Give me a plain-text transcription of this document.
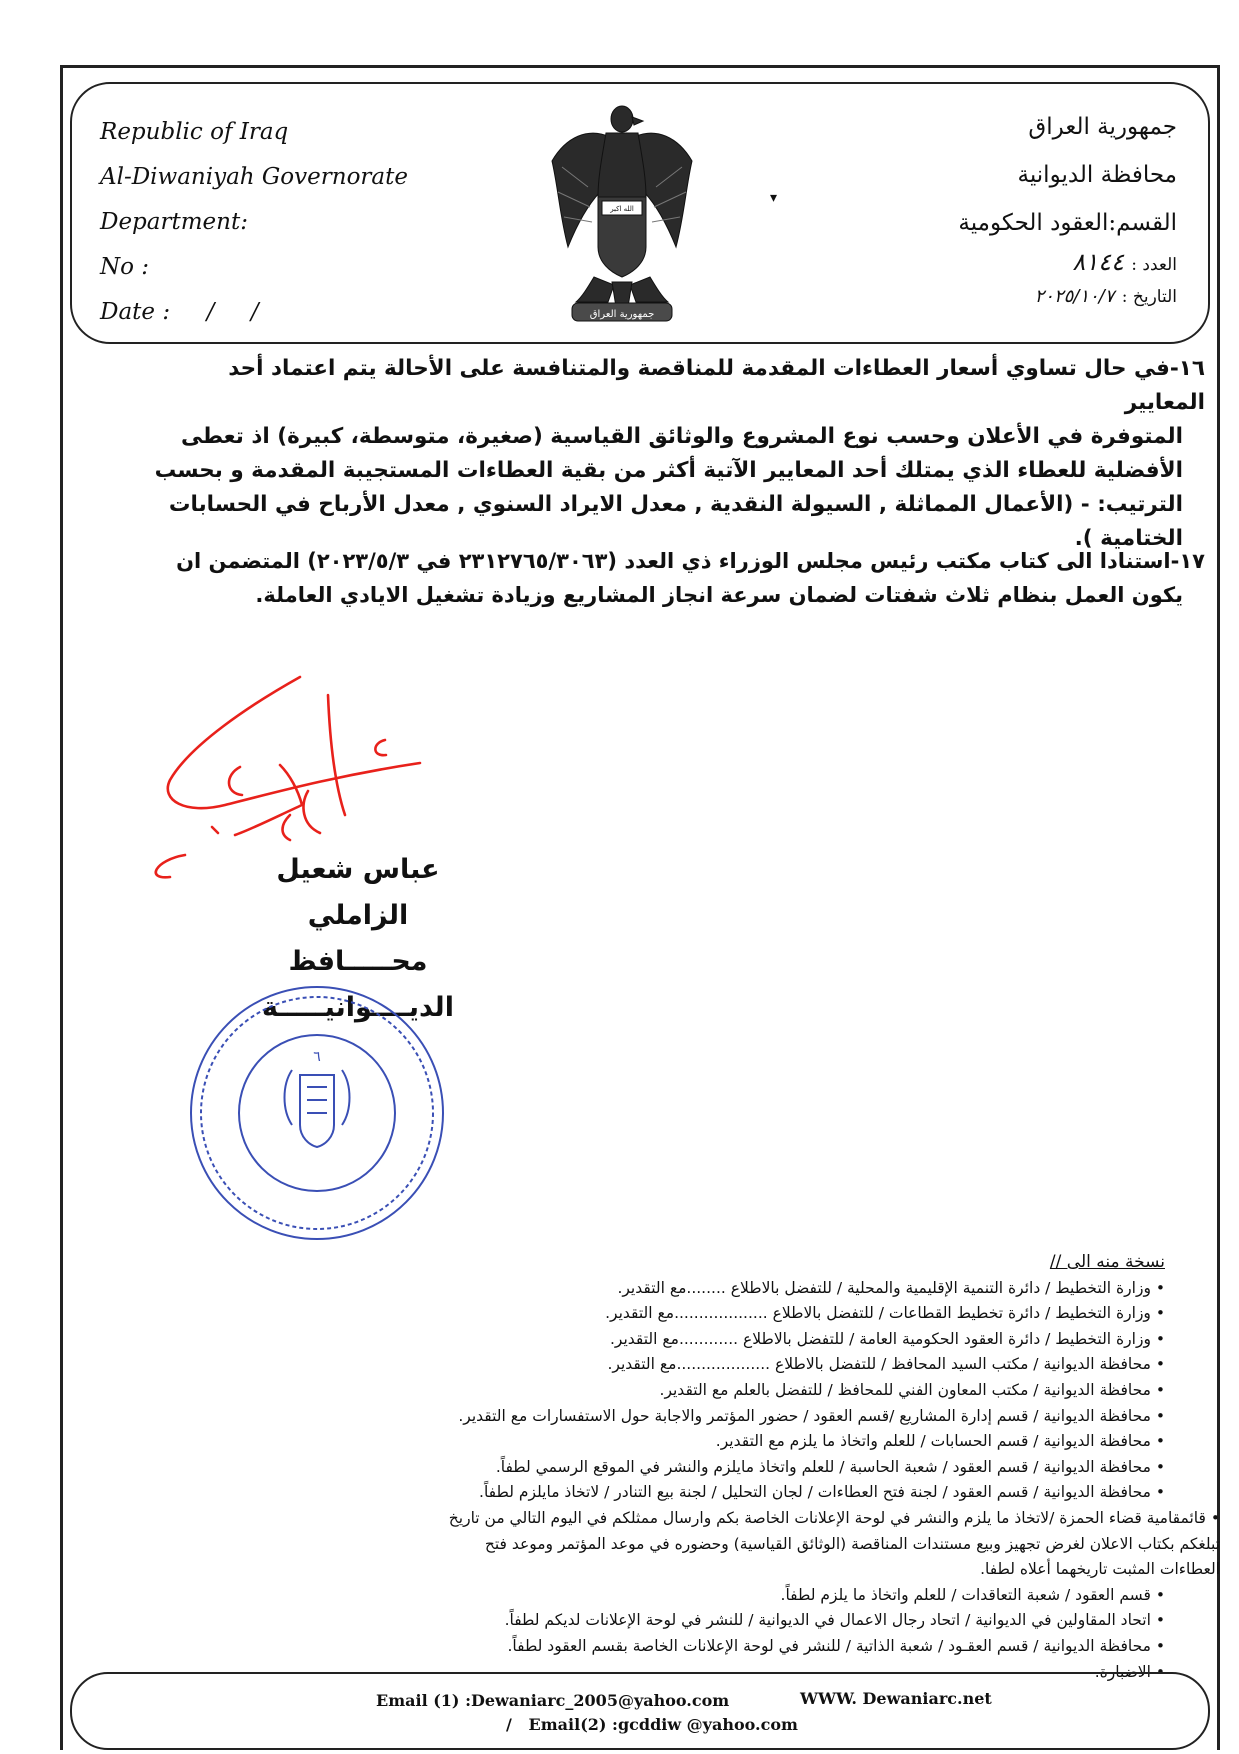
Republic of Iraq
Al-Diwaniyah Governorate
Department:
No :
Date :     /     /
الله اكبر
جمهورية العراق
▾
جمهورية العراق
محافظة الديوانية
القسم:العقود الحكومية
العدد : ٨١٤٤
التاريخ : ٢٠٢٥/١٠/٧
١٦-في حال تساوي أسعار العطاءات المقدمة للمناقصة والمتنافسة على الأحالة يتم اعتماد أحد المعايير
المتوفرة في الأعلان وحسب نوع المشروع والوثائق القياسية (صغيرة، متوسطة، كبيرة) اذ تعطى
الأفضلية للعطاء الذي يمتلك أحد المعايير الآتية أكثر من بقية العطاءات المستجيبة المقدمة و بحسب
الترتيب: - (الأعمال المماثلة , السيولة النقدية , معدل الايراد السنوي , معدل الأرباح في الحسابات
الختامية ).
١٧-استنادا الى كتاب مكتب رئيس مجلس الوزراء ذي العدد (٢٣١٢٧٦٥/٣٠٦٣ في ٢٠٢٣/٥/٣) المتضمن ان
يكون العمل بنظام ثلاث شفتات لضمان سرعة انجاز المشاريع وزيادة تشغيل الايادي العاملة.
عباس شعيل الزاملي
محـــــافظ الديــــوانيـــــة
٦
نسخة منه الى //
• وزارة التخطيط / دائرة التنمية الإقليمية والمحلية / للتفضل بالاطلاع ........مع التقدير.
• وزارة التخطيط / دائرة تخطيط القطاعات / للتفضل بالاطلاع ...................مع التقدير.
• وزارة التخطيط / دائرة العقود الحكومية العامة / للتفضل بالاطلاع ............مع التقدير.
• محافظة الديوانية / مكتب السيد المحافظ / للتفضل بالاطلاع ...................مع التقدير.
• محافظة الديوانية / مكتب المعاون الفني للمحافظ / للتفضل بالعلم مع التقدير.
• محافظة الديوانية / قسم إدارة المشاريع /قسم العقود / حضور المؤتمر والاجابة حول الاستفسارات مع التقدير.
• محافظة الديوانية / قسم الحسابات / للعلم واتخاذ ما يلزم مع التقدير.
• محافظة الديوانية / قسم العقود / شعبة الحاسبة / للعلم واتخاذ مايلزم والنشر في الموقع الرسمي لطفاً.
• محافظة الديوانية / قسم العقود / لجنة فتح العطاءات / لجان التحليل / لجنة بيع التنادر / لاتخاذ مايلزم لطفاً.
• قائمقامية قضاء الحمزة /لاتخاذ ما يلزم والنشر في لوحة الإعلانات الخاصة بكم وارسال ممثلكم في اليوم التالي من تاريخ
تبلغكم بكتاب الاعلان لغرض تجهيز وبيع مستندات المناقصة (الوثائق القياسية) وحضوره في موعد المؤتمر وموعد فتح
العطاءات المثبت تاريخهما أعلاه لطفا.
• قسم العقود / شعبة التعاقدات / للعلم واتخاذ ما يلزم لطفاً.
• اتحاد المقاولين في الديوانية / اتحاد رجال الاعمال في الديوانية / للنشر في لوحة الإعلانات لديكم لطفاً.
• محافظة الديوانية / قسم العقـود / شعبة الذاتية / للنشر في لوحة الإعلانات الخاصة بقسم العقود لطفاً.
• الاضبارة.
Email (1) :Dewaniarc_2005@yahoo.com
/   Email(2) :gcddiw @yahoo.com
WWW. Dewaniarc.net
